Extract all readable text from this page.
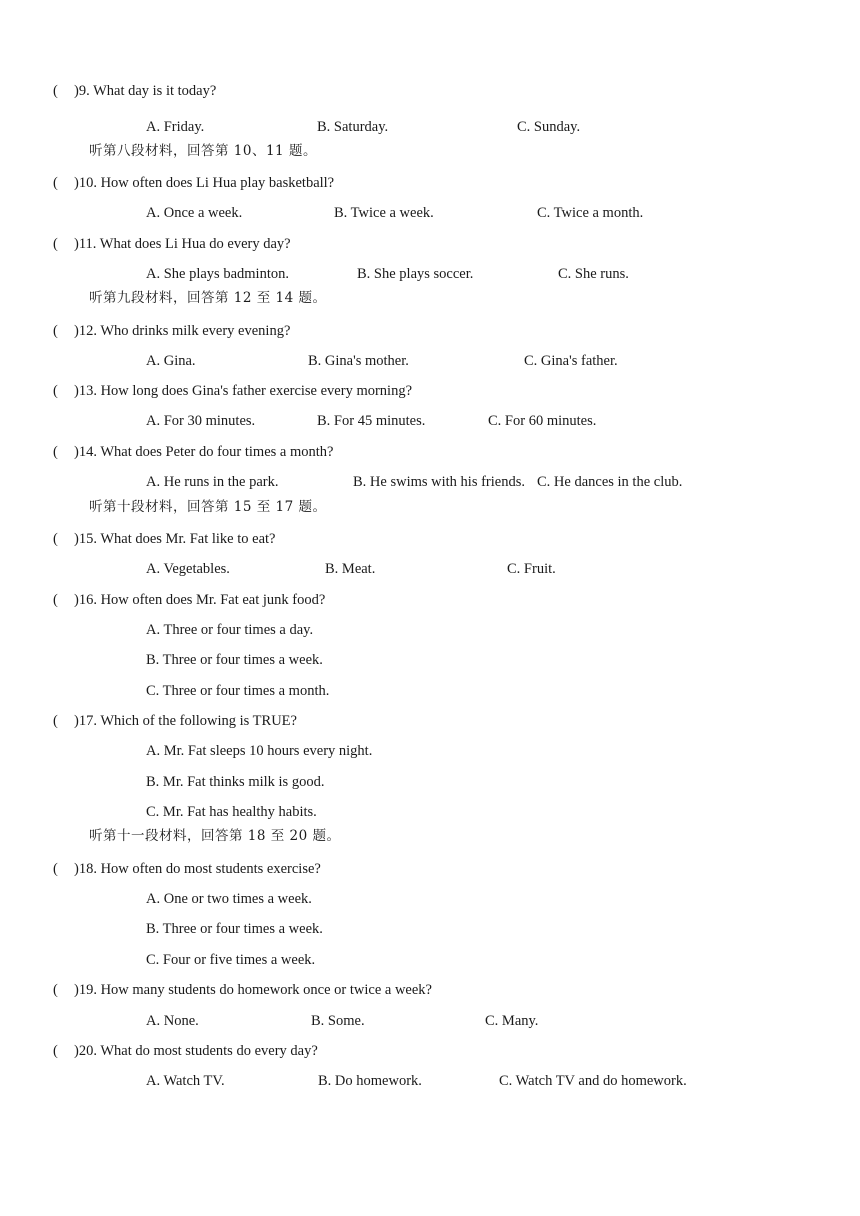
( )9. What day is it today?
A. Friday.	B. Saturday.	C. Sunday.
听第八段材料，回答第 10、11 题。
( )10. How often does Li Hua play basketball?
A. Once a week.	B. Twice a week.	C. Twice a month.
( )11. What does Li Hua do every day?
A. She plays badminton.	B. She plays soccer.	C. She runs.
听第九段材料，回答第 12 至 14 题。
( )12. Who drinks milk every evening?
A. Gina.	B. Gina's mother.	C. Gina's father.
( )13. How long does Gina's father exercise every morning?
A. For 30 minutes.	B. For 45 minutes.	C. For 60 minutes.
( )14. What does Peter do four times a month?
A. He runs in the park.	B. He swims with his friends. C. He dances in the club.
听第十段材料，回答第 15 至 17 题。
( )15. What does Mr. Fat like to eat?
A. Vegetables.	B. Meat.	C. Fruit.
( )16. How often does Mr. Fat eat junk food?
A. Three or four times a day.
B. Three or four times a week.
C. Three or four times a month.
( )17. Which of the following is TRUE?
A. Mr. Fat sleeps 10 hours every night.
B. Mr. Fat thinks milk is good.
C. Mr. Fat has healthy habits.
听第十一段材料，回答第 18 至 20 题。
( )18. How often do most students exercise?
A. One or two times a week.
B. Three or four times a week.
C. Four or five times a week.
( )19. How many students do homework once or twice a week?
A. None.	B. Some.	C. Many.
( )20. What do most students do every day?
A. Watch TV.	B. Do homework.	C. Watch TV and do homework.
